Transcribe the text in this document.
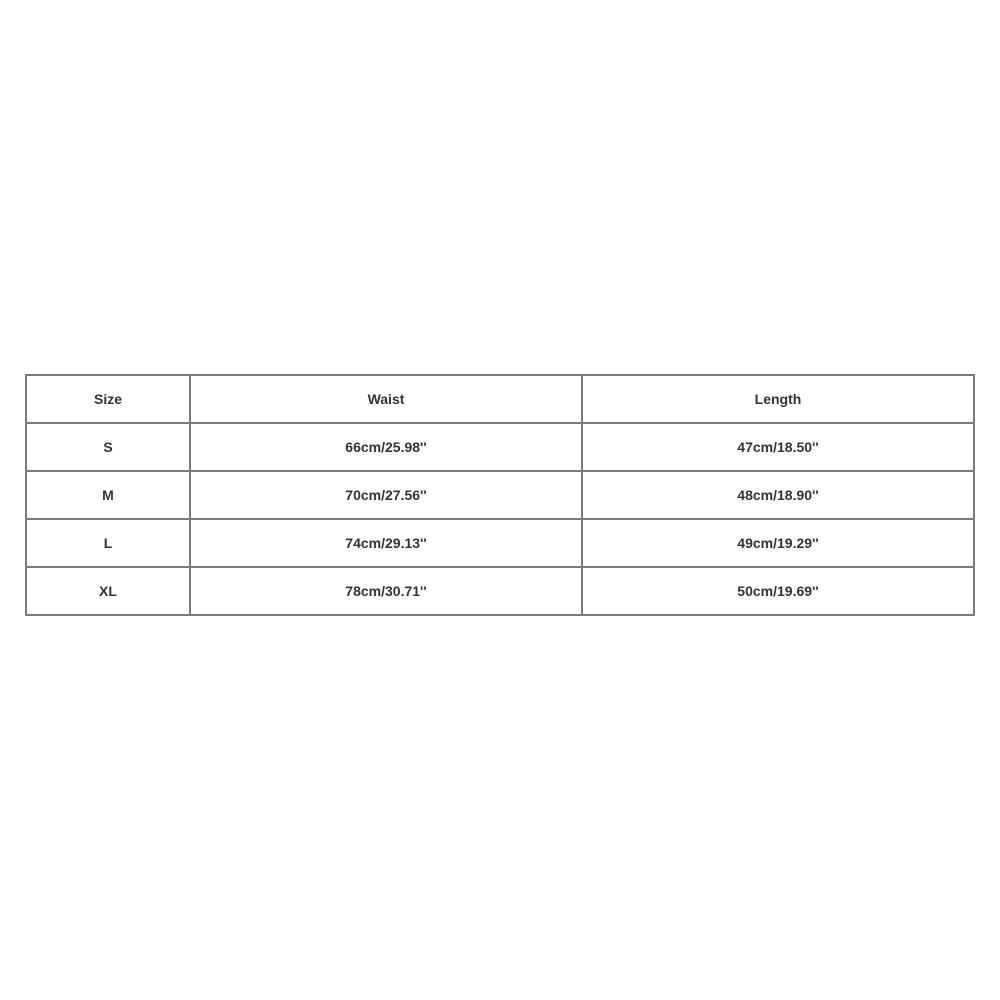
Size	Waist	Length
S	66cm/25.98''	47cm/18.50''
M	70cm/27.56''	48cm/18.90''
L	74cm/29.13''	49cm/19.29''
XL	78cm/30.71''	50cm/19.69''
